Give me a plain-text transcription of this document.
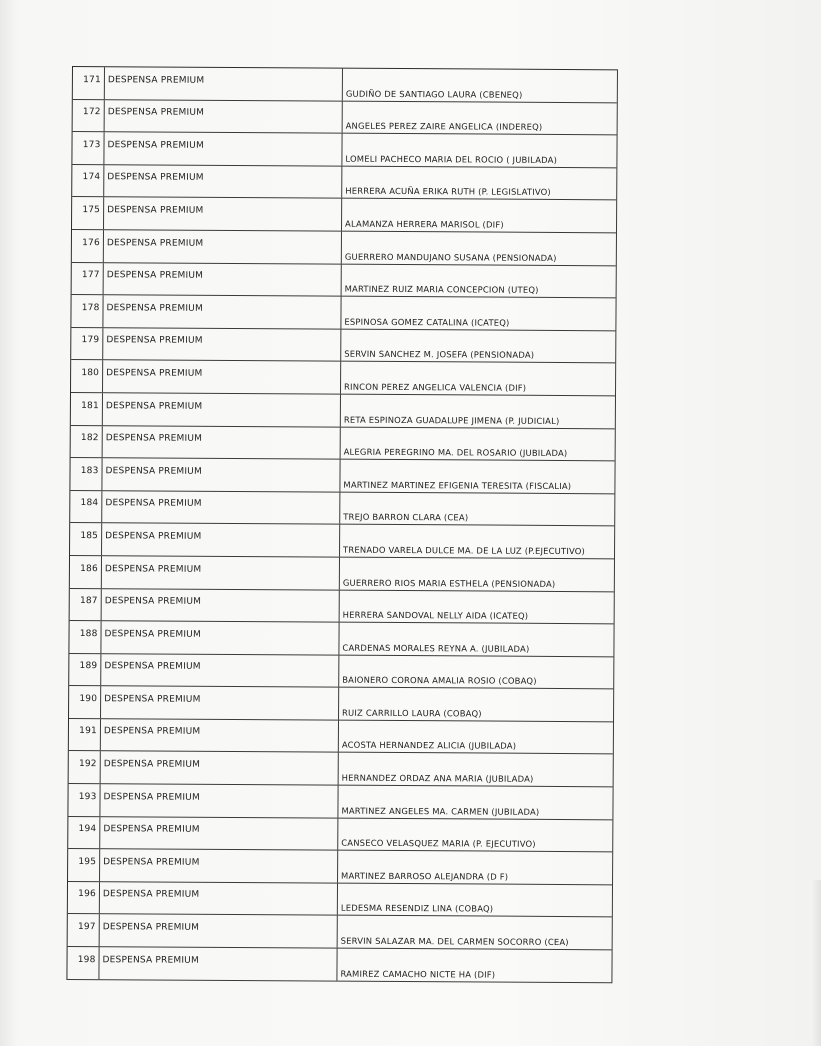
171 DESPENSA PREMIUM
GUDIÑO DE SANTIAGO LAURA (CBENEQ)
172 DESPENSA PREMIUM
ANGELES PEREZ ZAIRE ANGELICA (INDEREQ)
173 DESPENSA PREMIUM
LOMELI PACHECO MARIA DEL ROCIO ( JUBILADA)
174 DESPENSA PREMIUM
HERRERA ACUÑA ERIKA RUTH (P. LEGISLATIVO)
175 DESPENSA PREMIUM
ALAMANZA HERRERA MARISOL (DIF)
176 DESPENSA PREMIUM
GUERRERO MANDUJANO SUSANA (PENSIONADA)
177 DESPENSA PREMIUM
MARTINEZ RUIZ MARIA CONCEPCION (UTEQ)
178 DESPENSA PREMIUM
ESPINOSA GOMEZ CATALINA (ICATEQ)
179 DESPENSA PREMIUM
SERVIN SANCHEZ M. JOSEFA (PENSIONADA)
180 DESPENSA PREMIUM
RINCON PEREZ ANGELICA VALENCIA (DIF)
181 DESPENSA PREMIUM
RETA ESPINOZA GUADALUPE JIMENA (P. JUDICIAL)
182 DESPENSA PREMIUM
ALEGRIA PEREGRINO MA. DEL ROSARIO (JUBILADA)
183 DESPENSA PREMIUM
MARTINEZ MARTINEZ EFIGENIA TERESITA (FISCALIA)
184 DESPENSA PREMIUM
TREJO BARRON CLARA (CEA)
185 DESPENSA PREMIUM
TRENADO VARELA DULCE MA. DE LA LUZ (P.EJECUTIVO)
186 DESPENSA PREMIUM
GUERRERO RIOS MARIA ESTHELA (PENSIONADA)
187 DESPENSA PREMIUM
HERRERA SANDOVAL NELLY AIDA (ICATEQ)
188 DESPENSA PREMIUM
CARDENAS MORALES REYNA A. (JUBILADA)
189 DESPENSA PREMIUM
BAIONERO CORONA AMALIA ROSIO (COBAQ)
190 DESPENSA PREMIUM
RUIZ CARRILLO LAURA (COBAQ)
191 DESPENSA PREMIUM
ACOSTA HERNANDEZ ALICIA (JUBILADA)
192 DESPENSA PREMIUM
HERNANDEZ ORDAZ ANA MARIA (JUBILADA)
193 DESPENSA PREMIUM
MARTINEZ ANGELES MA. CARMEN (JUBILADA)
194 DESPENSA PREMIUM
CANSECO VELASQUEZ MARIA (P. EJECUTIVO)
195 DESPENSA PREMIUM
MARTINEZ BARROSO ALEJANDRA (D F)
196 DESPENSA PREMIUM
LEDESMA RESENDIZ LINA (COBAQ)
197 DESPENSA PREMIUM
SERVIN SALAZAR MA. DEL CARMEN SOCORRO (CEA)
198 DESPENSA PREMIUM
RAMIREZ CAMACHO NICTE HA (DIF)
